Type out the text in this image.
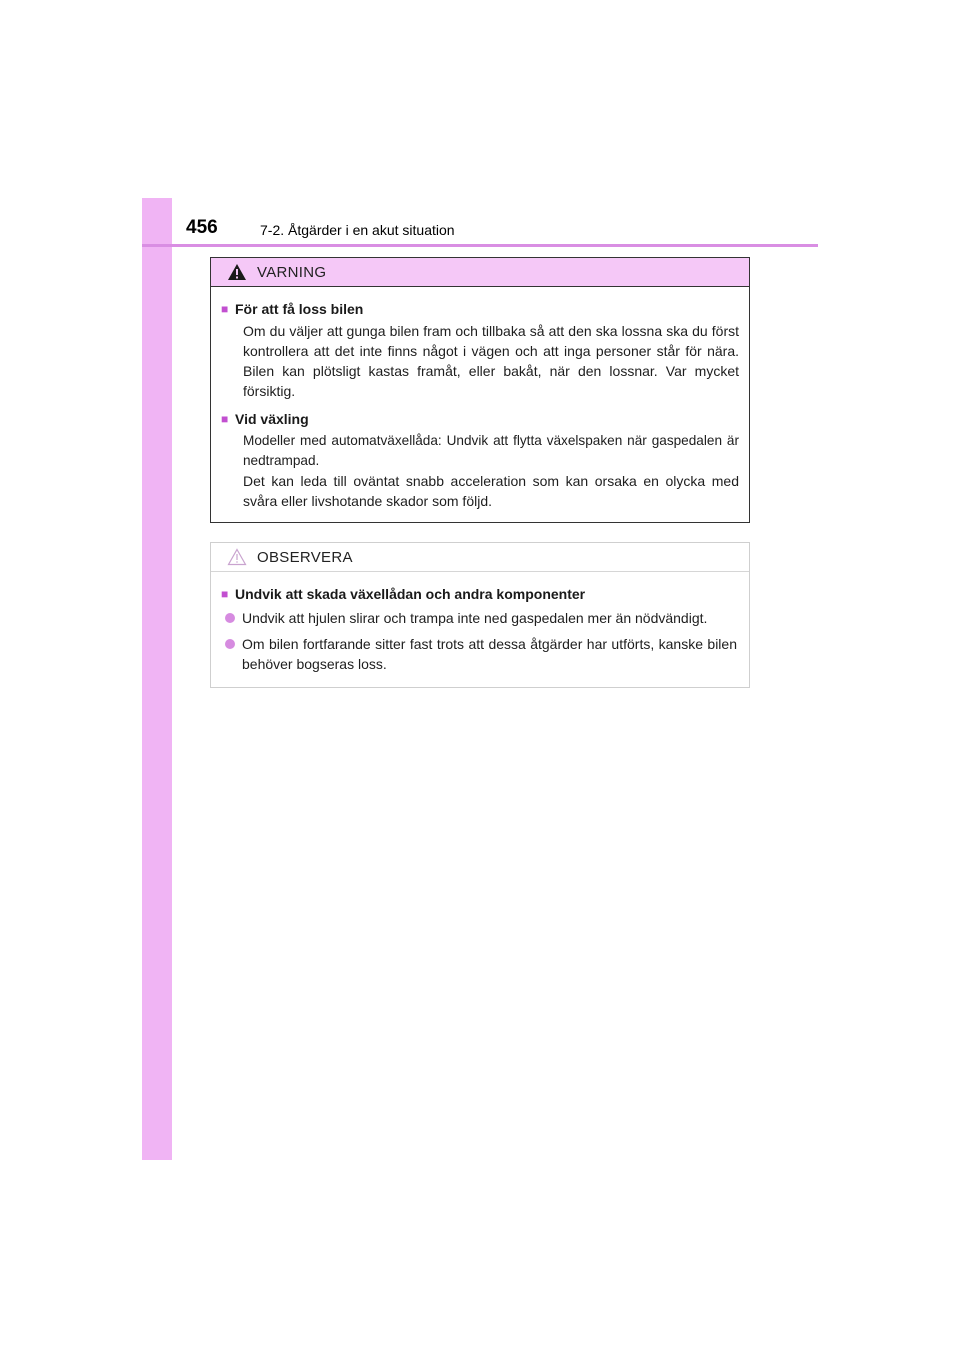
456	7-2. Åtgärder i en akut situation
VARNING
■ För att få loss bilen

Om du väljer att gunga bilen fram och tillbaka så att den ska lossna ska du först kontrollera att det inte finns något i vägen och att inga personer står för nära. Bilen kan plötsligt kastas framåt, eller bakåt, när den lossnar. Var mycket försiktig.

■ Vid växling

Modeller med automatväxellåda: Undvik att flytta växelspaken när gaspedalen är nedtrampad.

Det kan leda till oväntat snabb acceleration som kan orsaka en olycka med svåra eller livshotande skador som följd.

OBSERVERA
■ Undvik att skada växellådan och andra komponenter
Undvik att hjulen slirar och trampa inte ned gaspedalen mer än nödvändigt.
Om bilen fortfarande sitter fast trots att dessa åtgärder har utförts, kanske bilen behöver bogseras loss.
